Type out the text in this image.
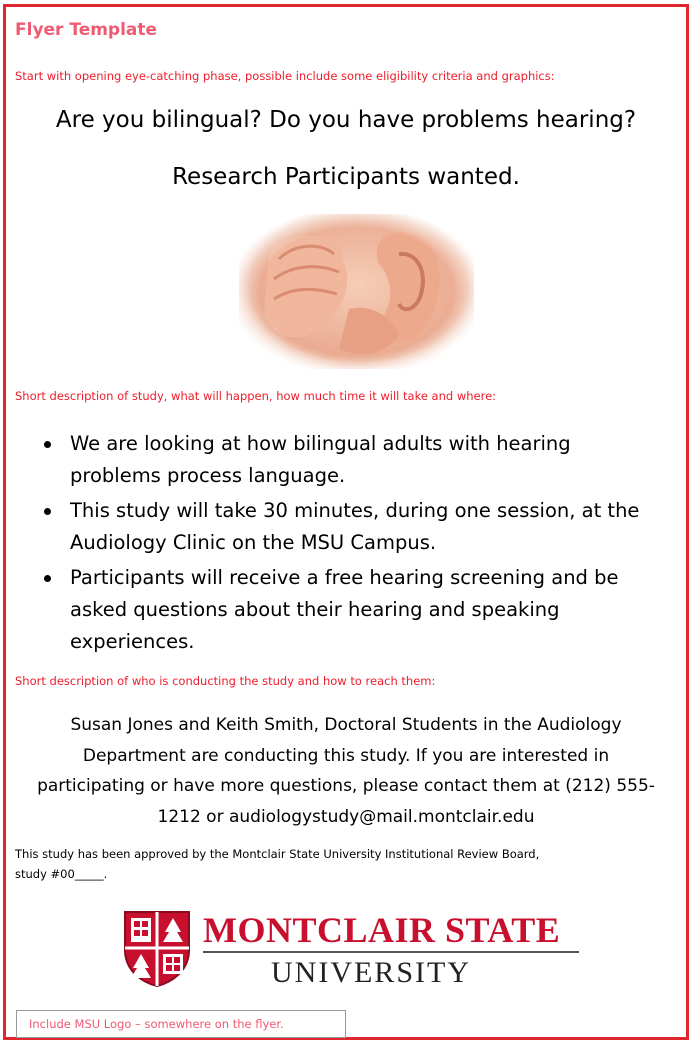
Flyer Template
Start with opening eye-catching phase, possible include some eligibility criteria and graphics:
Are you bilingual? Do you have problems hearing?
Research Participants wanted.
Short description of study, what will happen, how much time it will take and where:
We are looking at how bilingual adults with hearing
problems process language.
This study will take 30 minutes, during one session, at the
Audiology Clinic on the MSU Campus.
Participants will receive a free hearing screening and be
asked questions about their hearing and speaking
experiences.
Short description of who is conducting the study and how to reach them:
Susan Jones and Keith Smith, Doctoral Students in the Audiology
Department are conducting this study. If you are interested in
participating or have more questions, please contact them at (212) 555-
1212 or audiologystudy@mail.montclair.edu
This study has been approved by the Montclair State University Institutional Review Board,
study #00_____.
MONTCLAIR STATE
UNIVERSITY
Include MSU Logo – somewhere on the flyer.
